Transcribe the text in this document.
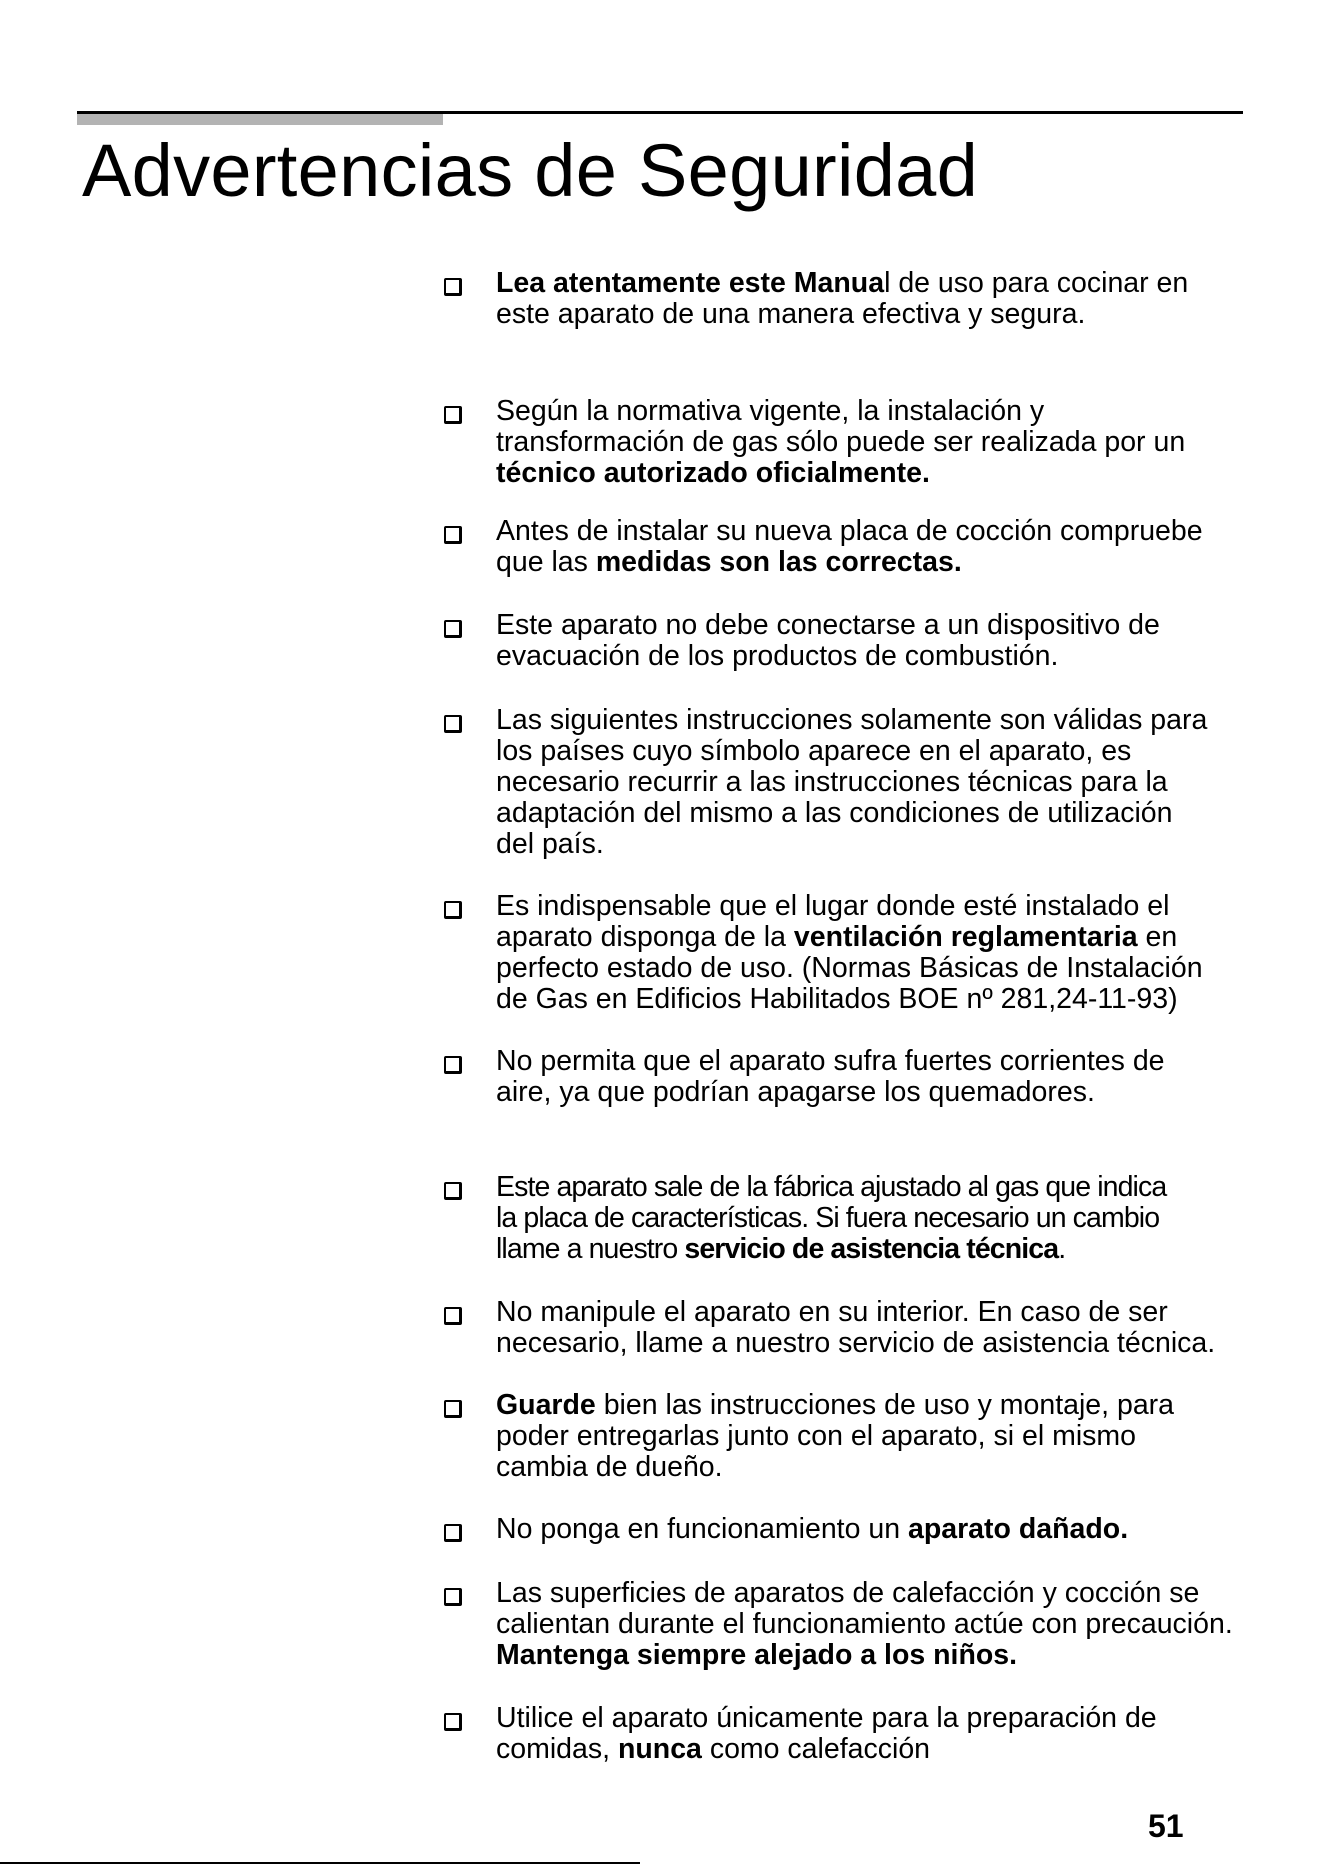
Advertencias de Seguridad

Lea atentamente este Manual de uso para cocinar en
este aparato de una manera efectiva y segura.

Según la normativa vigente, la instalación y
transformación de gas sólo puede ser realizada por un
técnico autorizado oficialmente.

Antes de instalar su nueva placa de cocción compruebe
que las medidas son las correctas.

Este aparato no debe conectarse a un dispositivo de
evacuación de los productos de combustión.

Las siguientes instrucciones solamente son válidas para
los países cuyo símbolo aparece en el aparato, es
necesario recurrir a las instrucciones técnicas para la
adaptación del mismo a las condiciones de utilización
del país.

Es indispensable que el lugar donde esté instalado el
aparato disponga de la ventilación reglamentaria en
perfecto estado de uso. (Normas Básicas de Instalación
de Gas en Edificios Habilitados BOE nº 281,24-11-93)

No permita que el aparato sufra fuertes corrientes de
aire, ya que podrían apagarse los quemadores.

Este aparato sale de la fábrica ajustado al gas que indica
la placa de características. Si fuera necesario un cambio
llame a nuestro servicio de asistencia técnica.

No manipule el aparato en su interior. En caso de ser
necesario, llame a nuestro servicio de asistencia técnica.

Guarde bien las instrucciones de uso y montaje, para
poder entregarlas junto con el aparato, si el mismo
cambia de dueño.

No ponga en funcionamiento un aparato dañado.

Las superficies de aparatos de calefacción y cocción se
calientan durante el funcionamiento actúe con precaución.
Mantenga siempre alejado a los niños.

Utilice el aparato únicamente para la preparación de
comidas, nunca como calefacción

51
